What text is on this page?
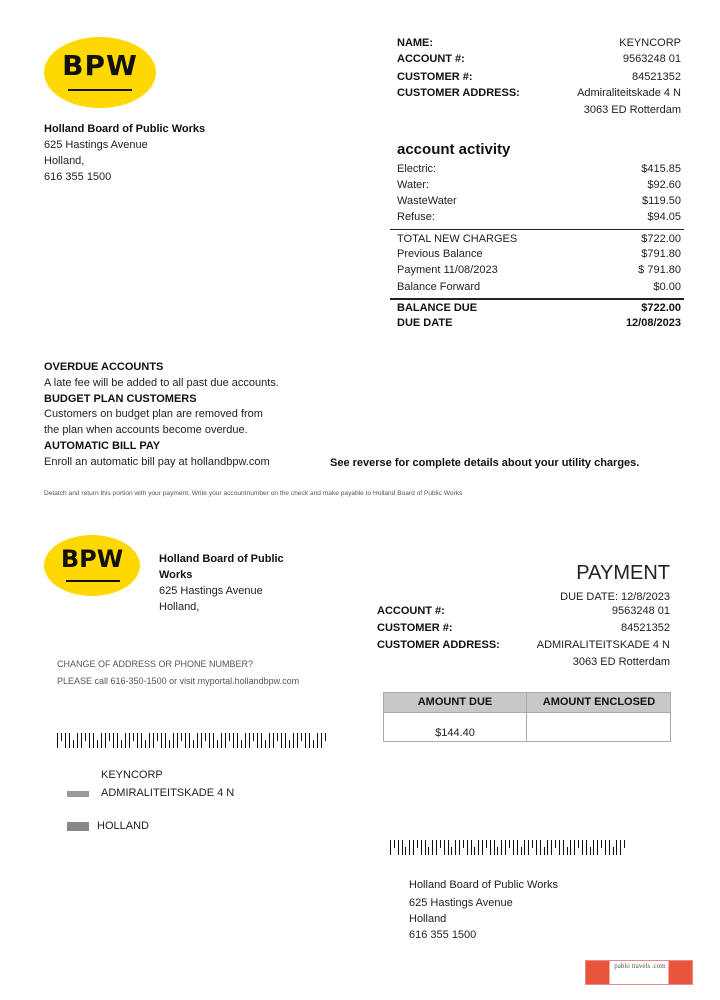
BPW
Holland Board of Public Works
625 Hastings Avenue
Holland,
616 355 1500
NAME:	KEYNCORP
ACCOUNT #:	9563248 01
CUSTOMER #:	84521352
CUSTOMER ADDRESS:	Admiraliteitskade 4 N
3063 ED Rotterdam
account activity
Electric:	$415.85
Water:	$92.60
WasteWater	$119.50
Refuse:	$94.05
TOTAL NEW CHARGES	$722.00
Previous Balance	$791.80
Payment 11/08/2023	$ 791.80
Balance Forward	$0.00
BALANCE DUE	$722.00
DUE DATE	12/08/2023
OVERDUE ACCOUNTS
A late fee will be added to all past due accounts.
BUDGET PLAN CUSTOMERS
Customers on budget plan are removed from
the plan when accounts become overdue.
AUTOMATIC BILL PAY
Enroll an automatic bill pay at hollandbpw.com	See reverse for complete details about your utility charges.
Detatch and return this portion with your payment. Write your accountnumber on the check and make payable to Holland Board of Public Works
BPW	Holland Board of Public
Works
625 Hastings Avenue
Holland,
PAYMENT
DUE DATE: 12/8/2023
ACCOUNT #:	9563248 01
CUSTOMER #:	84521352
CUSTOMER ADDRESS:	ADMIRALITEITSKADE 4 N
3063 ED Rotterdam
CHANGE OF ADDRESS OR PHONE NUMBER?
PLEASE call 616-350-1500 or visit myportal.hollandbpw.com
AMOUNT DUE	AMOUNT ENCLOSED
$144.40
KEYNCORP
ADMIRALITEITSKADE 4 N
HOLLAND
Holland Board of Public Works
625 Hastings Avenue
Holland
616 355 1500
pablo travels .com
